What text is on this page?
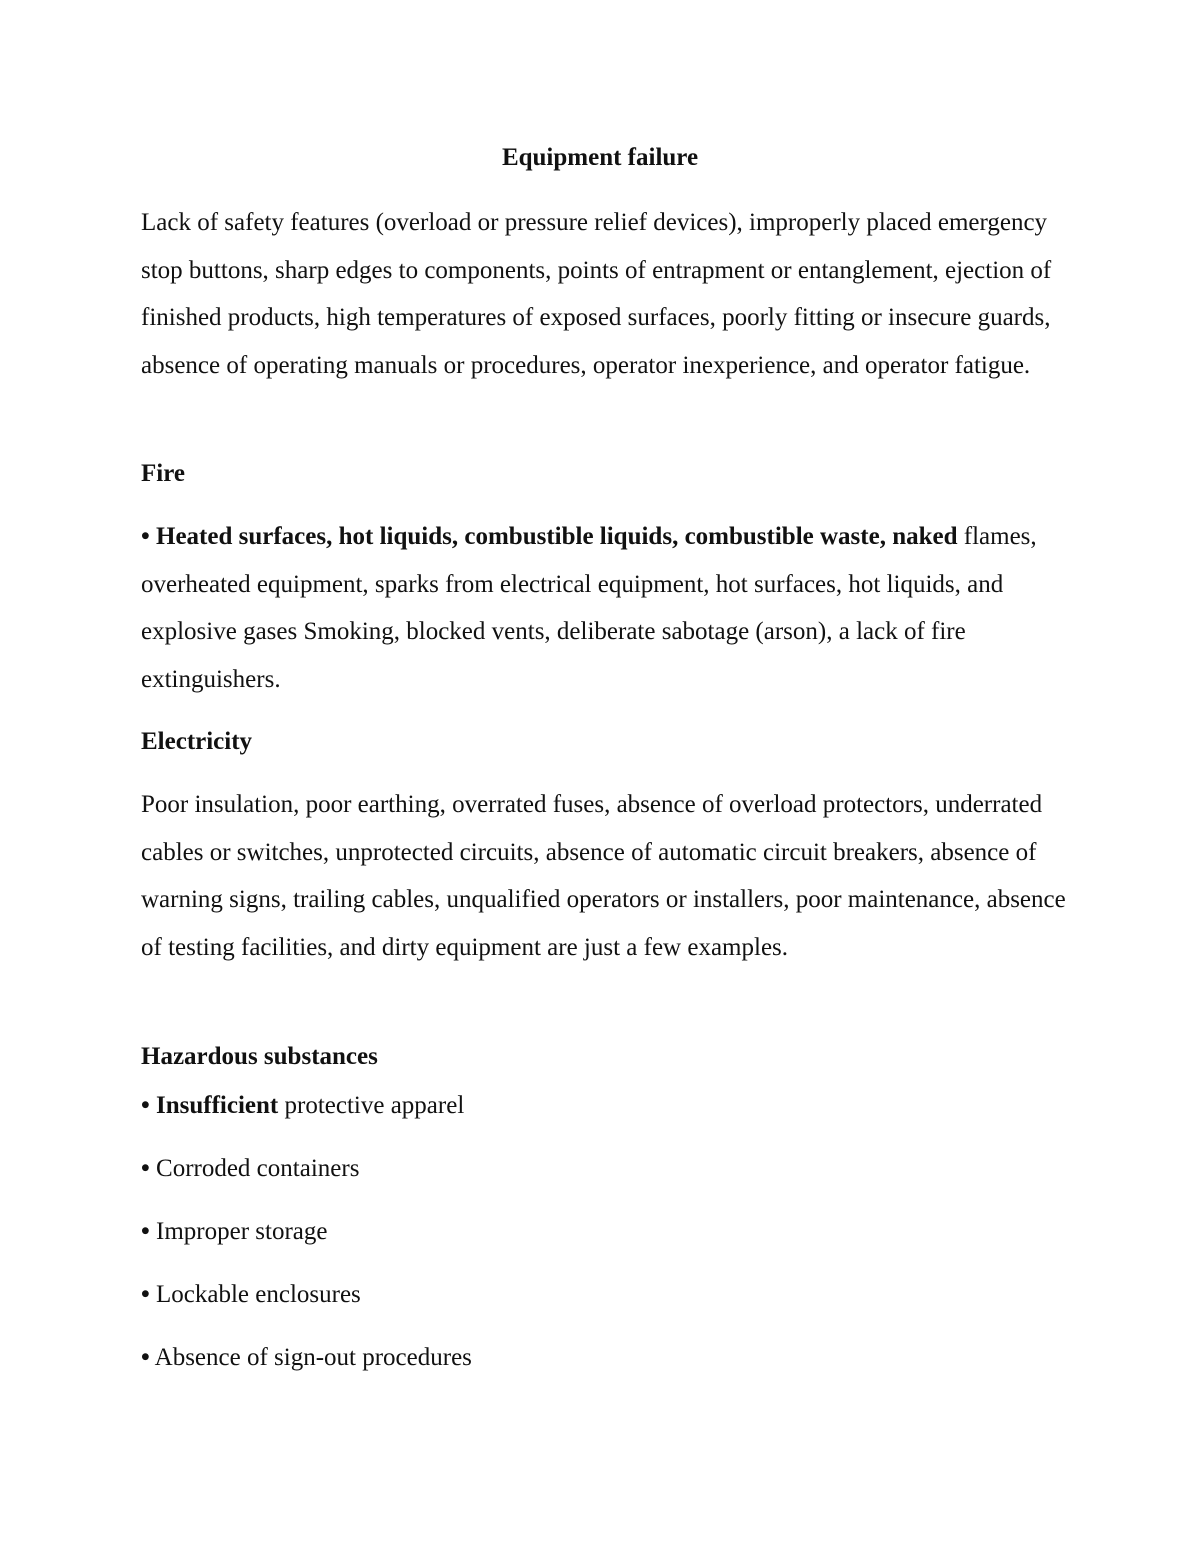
Equipment failure

Lack of safety features (overload or pressure relief devices), improperly placed emergency stop buttons, sharp edges to components, points of entrapment or entanglement, ejection of finished products, high temperatures of exposed surfaces, poorly fitting or insecure guards, absence of operating manuals or procedures, operator inexperience, and operator fatigue.

Fire

• Heated surfaces, hot liquids, combustible liquids, combustible waste, naked flames, overheated equipment, sparks from electrical equipment, hot surfaces, hot liquids, and explosive gases Smoking, blocked vents, deliberate sabotage (arson), a lack of fire extinguishers.

Electricity

Poor insulation, poor earthing, overrated fuses, absence of overload protectors, underrated cables or switches, unprotected circuits, absence of automatic circuit breakers, absence of warning signs, trailing cables, unqualified operators or installers, poor maintenance, absence of testing facilities, and dirty equipment are just a few examples.

Hazardous substances

• Insufficient protective apparel

• Corroded containers

• Improper storage

• Lockable enclosures

• Absence of sign-out procedures
